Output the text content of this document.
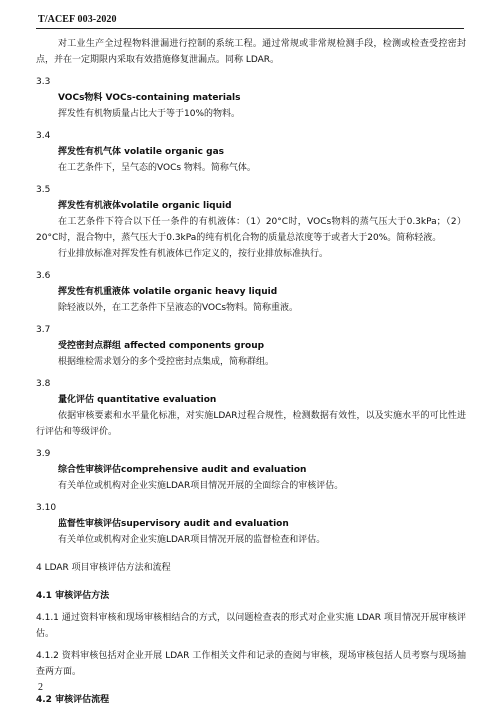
T/ACEF 003-2020

对工业生产全过程物料泄漏进行控制的系统工程。通过常规或非常规检测手段，检测或检查受控密封点，并在一定期限内采取有效措施修复泄漏点。同称 LDAR。

3.3

VOCs物料 VOCs-containing materials

挥发性有机物质量占比大于等于10%的物料。

3.4

挥发性有机气体 volatile organic gas

在工艺条件下，呈气态的VOCs 物料。简称气体。

3.5

挥发性有机液体volatile organic liquid

在工艺条件下符合以下任一条件的有机液体：（1）20°C时，VOCs物料的蒸气压大于0.3kPa；（2）20°C时，混合物中，蒸气压大于0.3kPa的纯有机化合物的质量总浓度等于或者大于20%。简称轻液。

行业排放标准对挥发性有机液体已作定义的，按行业排放标准执行。

3.6

挥发性有机重液体 volatile organic heavy liquid

除轻液以外，在工艺条件下呈液态的VOCs物料。简称重液。

3.7

受控密封点群组 affected components group

根据维检需求划分的多个受控密封点集成，简称群组。

3.8

量化评估 quantitative evaluation

依据审核要素和水平量化标准，对实施LDAR过程合规性，检测数据有效性，以及实施水平的可比性进行评估和等级评价。

3.9

综合性审核评估comprehensive audit and evaluation

有关单位或机构对企业实施LDAR项目情况开展的全面综合的审核评估。

3.10

监督性审核评估supervisory audit and evaluation

有关单位或机构对企业实施LDAR项目情况开展的监督检查和评估。

4 LDAR 项目审核评估方法和流程

4.1 审核评估方法

4.1.1 通过资料审核和现场审核相结合的方式，以问题检查表的形式对企业实施 LDAR 项目情况开展审核评估。

4.1.2 资料审核包括对企业开展 LDAR 工作相关文件和记录的查阅与审核，现场审核包括人员考察与现场抽查两方面。

4.2 审核评估流程

2
